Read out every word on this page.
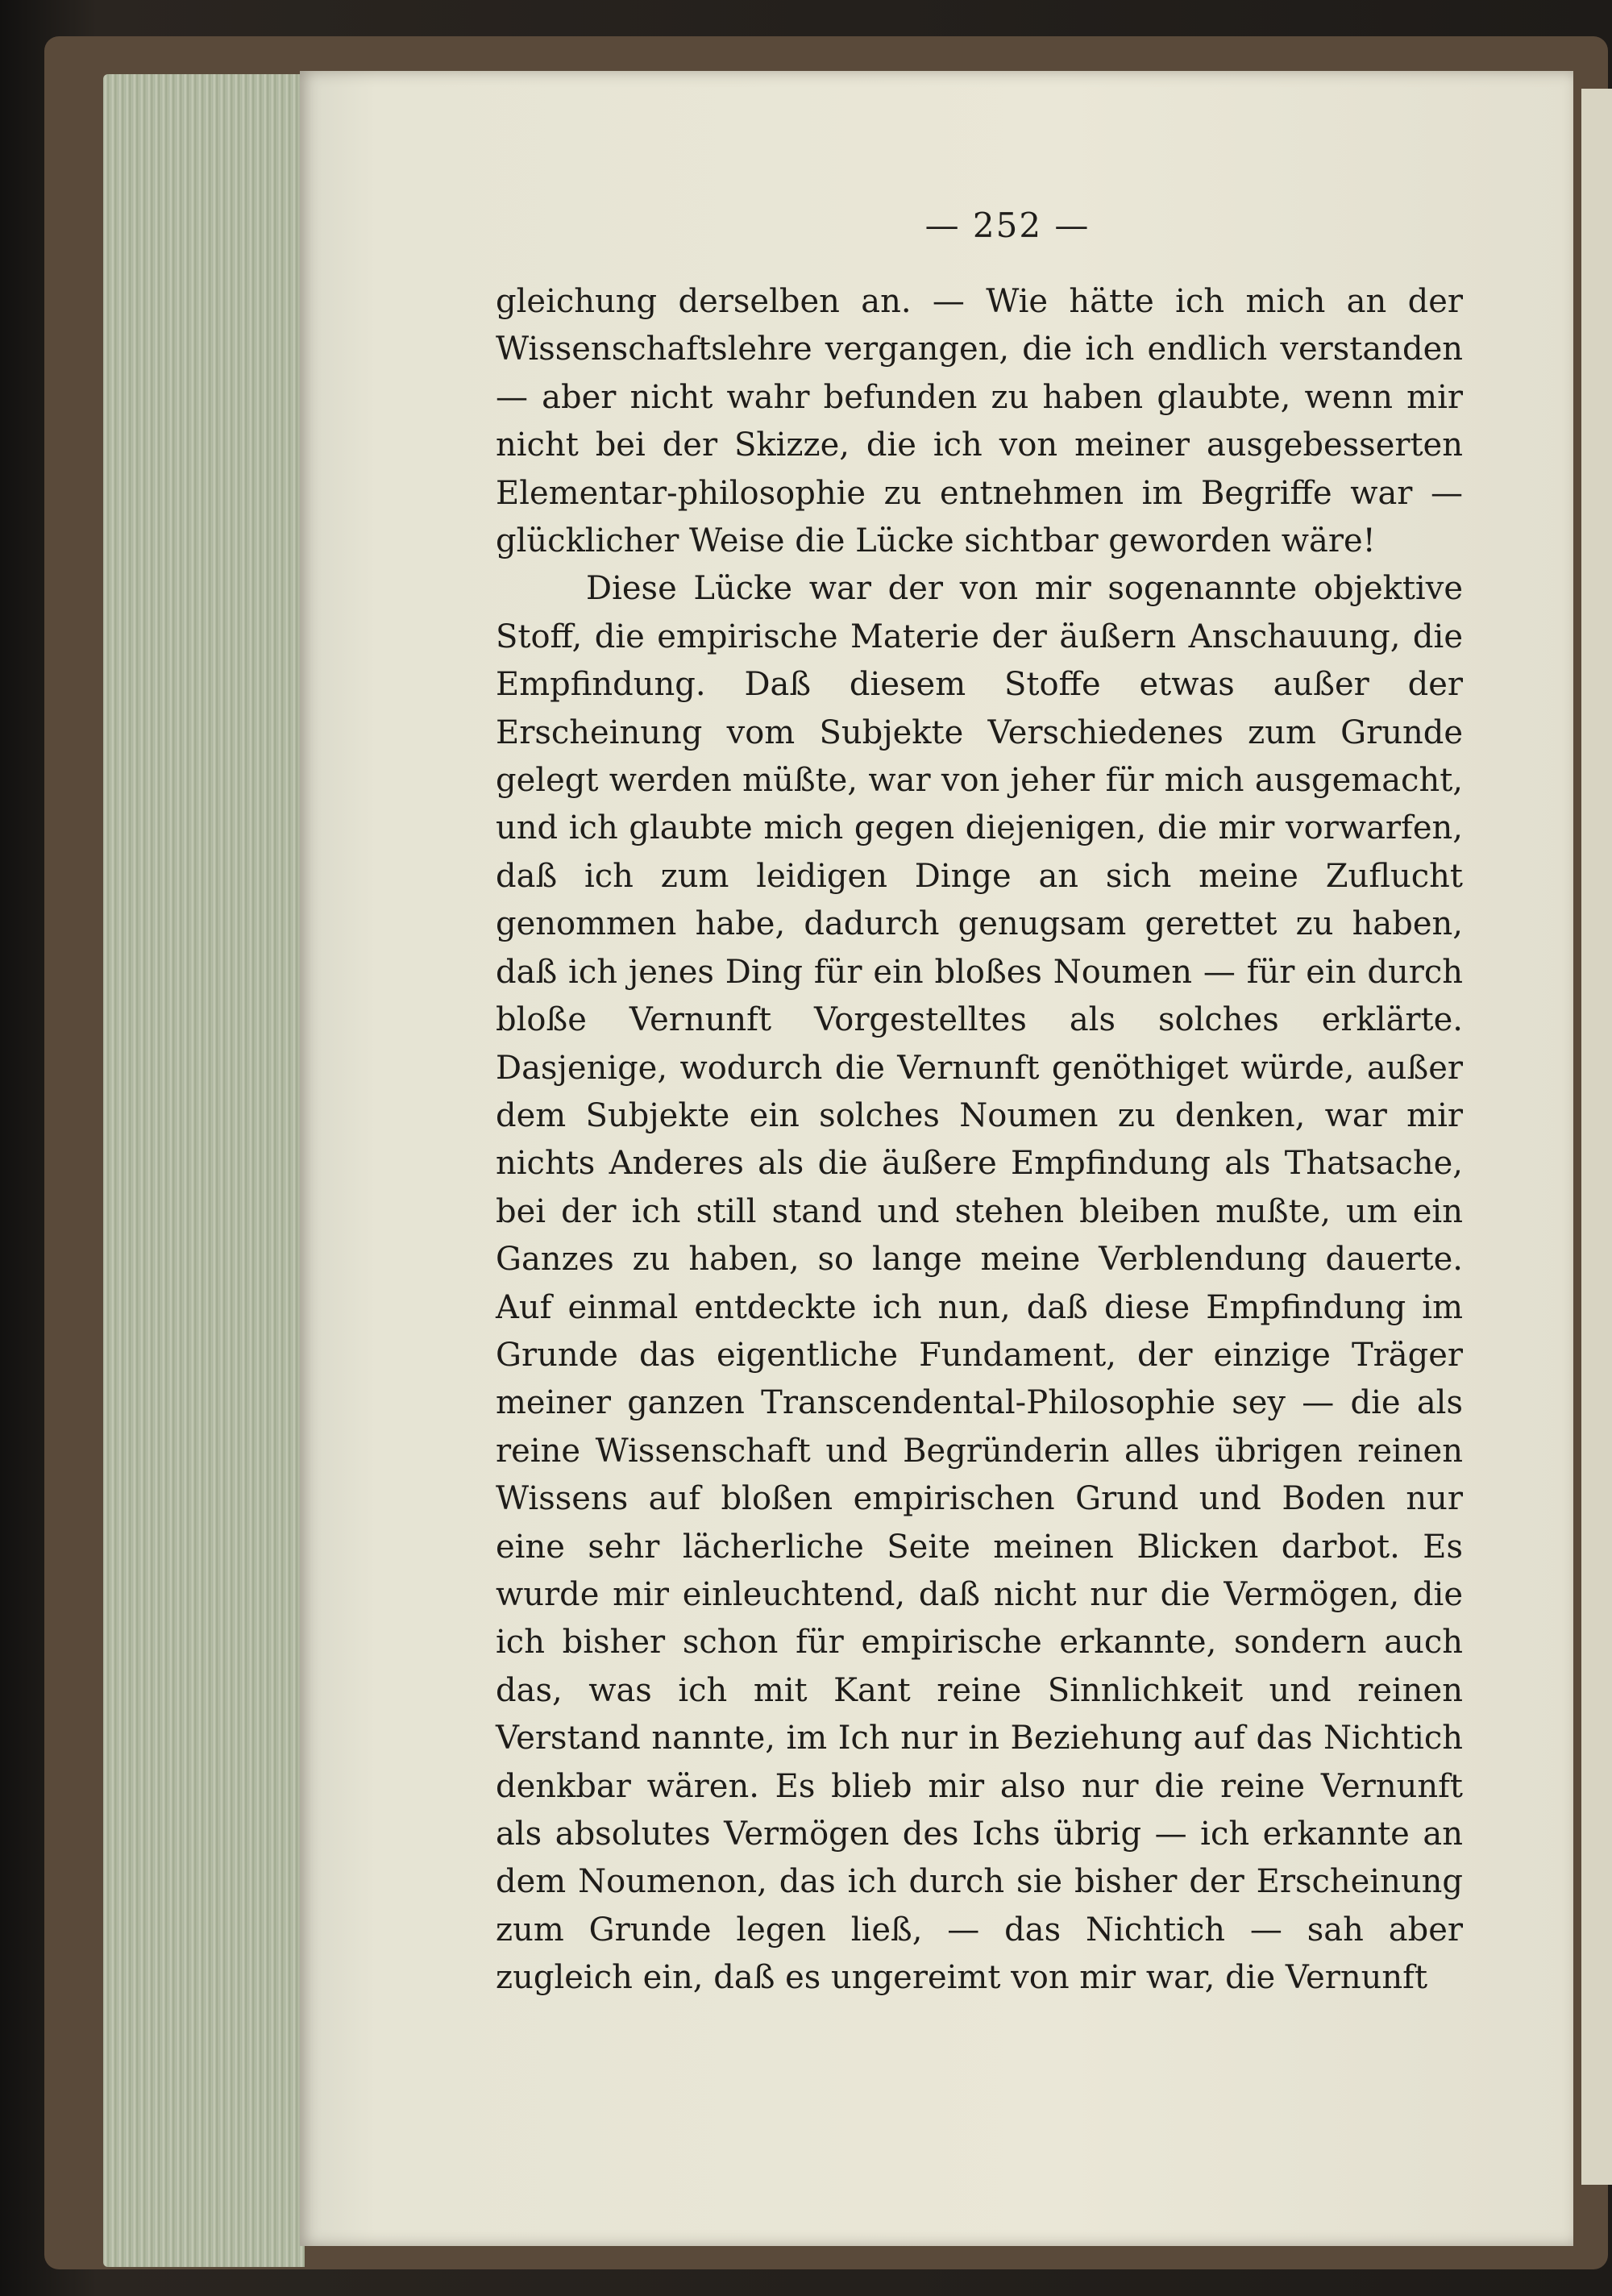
— 252 —

gleichung derselben an. — Wie hätte ich mich an der Wissenschaftslehre vergangen, die ich endlich verstanden — aber nicht wahr befunden zu haben glaubte, wenn mir nicht bei der Skizze, die ich von meiner ausgebesserten Elementar-philosophie zu entnehmen im Begriffe war — glücklicher Weise die Lücke sichtbar geworden wäre!

Diese Lücke war der von mir sogenannte objektive Stoff, die empirische Materie der äußern Anschauung, die Empfindung. Daß diesem Stoffe etwas außer der Erscheinung vom Subjekte Verschiedenes zum Grunde gelegt werden müßte, war von jeher für mich ausgemacht, und ich glaubte mich gegen diejenigen, die mir vorwarfen, daß ich zum leidigen Dinge an sich meine Zuflucht genommen habe, dadurch genugsam gerettet zu haben, daß ich jenes Ding für ein bloßes Noumen — für ein durch bloße Vernunft Vorgestelltes als solches erklärte. Dasjenige, wodurch die Vernunft genöthiget würde, außer dem Subjekte ein solches Noumen zu denken, war mir nichts Anderes als die äußere Empfindung als Thatsache, bei der ich still stand und stehen bleiben mußte, um ein Ganzes zu haben, so lange meine Verblendung dauerte. Auf einmal entdeckte ich nun, daß diese Empfindung im Grunde das eigentliche Fundament, der einzige Träger meiner ganzen Transcendental-Philosophie sey — die als reine Wissenschaft und Begründerin alles übrigen reinen Wissens auf bloßen empirischen Grund und Boden nur eine sehr lächerliche Seite meinen Blicken darbot. Es wurde mir einleuchtend, daß nicht nur die Vermögen, die ich bisher schon für empirische erkannte, sondern auch das, was ich mit Kant reine Sinnlichkeit und reinen Verstand nannte, im Ich nur in Beziehung auf das Nichtich denkbar wären. Es blieb mir also nur die reine Vernunft als absolutes Vermögen des Ichs übrig — ich erkannte an dem Noumenon, das ich durch sie bisher der Erscheinung zum Grunde legen ließ, — das Nichtich — sah aber zugleich ein, daß es ungereimt von mir war, die Vernunft
